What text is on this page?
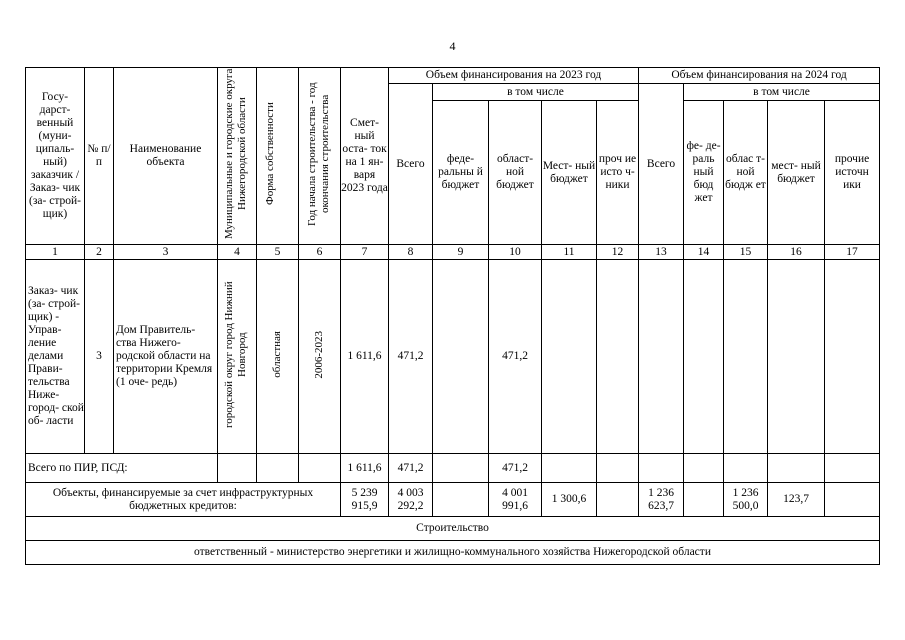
4
Госу- дарст- венный (муни- ципаль- ный) заказчик / Заказ- чик (за- строй- щик)	№ п/п	Наименование объекта	Муниципальные и городские округа Нижегородской области	Форма собственности	Год начала строительства - год окончания строительства	Смет- ный оста- ток на 1 ян- варя 2023 года	Объем финансирования на 2023 год					Объем финансирования на 2024 год				
							Всего	в том числе				Всего	в том числе			
								феде- ральны й бюджет	област- ной бюджет	Мест- ный бюджет	проч ие исто ч- ники		фе- де- раль ный бюд жет	облас т-ной бюдж ет	мест- ный бюджет	прочие источн ики
1	2	3	4	5	6	7	8	9	10	11	12	13	14	15	16	17
Заказ- чик (за- строй- щик) - Управ- ление делами Прави- тельства Ниже- город- ской об- ласти	3	Дом Правитель- ства Нижего- родской области на территории Кремля (1 оче- редь)	городской округ город Нижний Новгород	областная	2006-2023	1 611,6	471,2		471,2							
Всего по ПИР, ПСД:						1 611,6	471,2		471,2							
Объекты, финансируемые за счет инфраструктурных бюджетных кредитов:						5 239 915,9	4 003 292,2		4 001 991,6	1 300,6		1 236 623,7		1 236 500,0	123,7	
Строительство																
ответственный - министерство энергетики и жилищно-коммунального хозяйства Нижегородской области																
